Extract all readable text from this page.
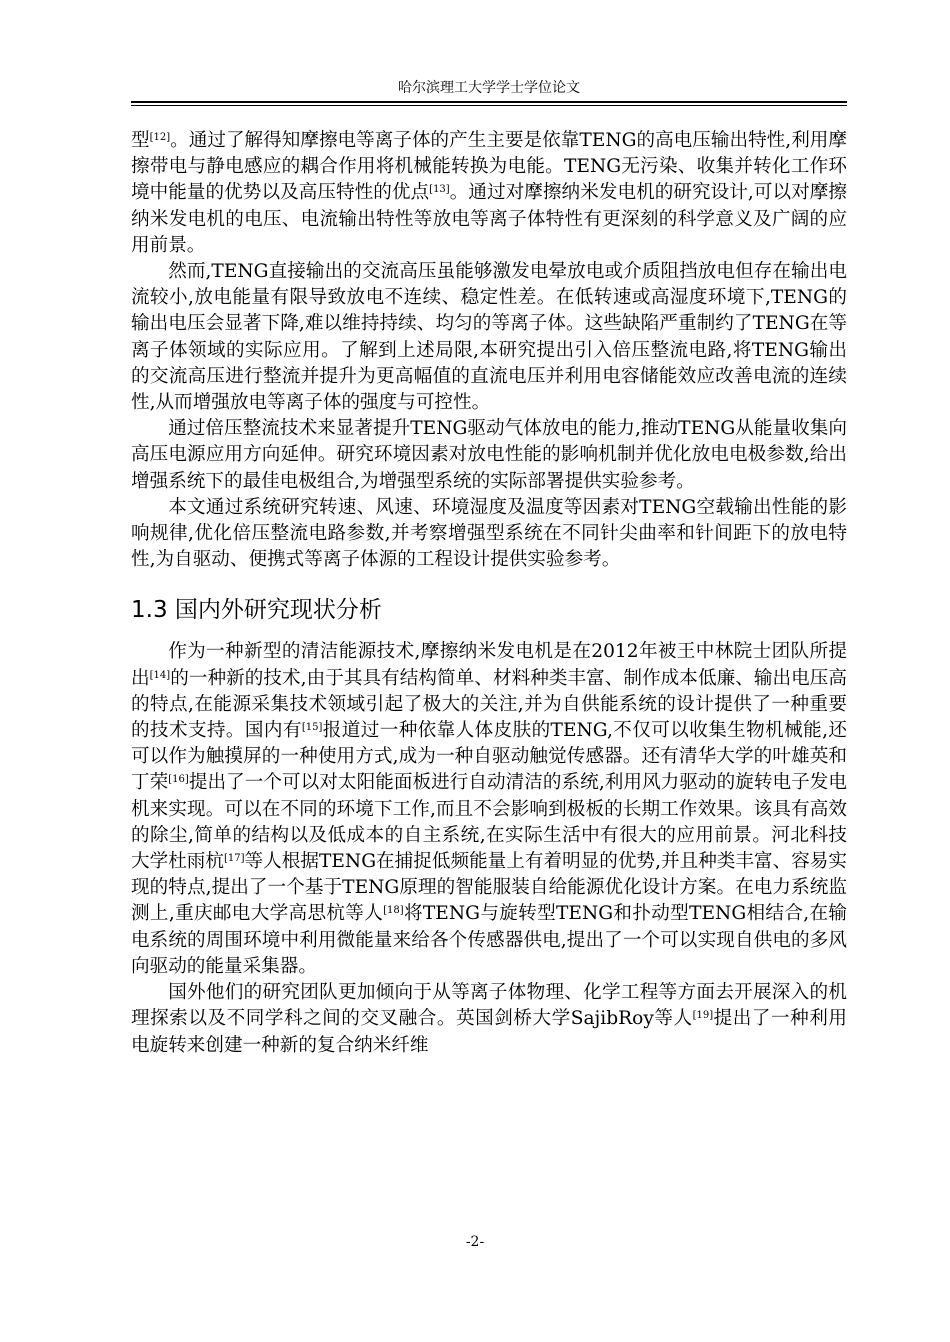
哈尔滨理工大学学士学位论文

型[12]。通过了解得知摩擦电等离子体的产生主要是依靠TENG的高电压输出特性,利用摩擦带电与静电感应的耦合作用将机械能转换为电能。TENG无污染、收集并转化工作环境中能量的优势以及高压特性的优点[13]。通过对摩擦纳米发电机的研究设计,可以对摩擦纳米发电机的电压、电流输出特性等放电等离子体特性有更深刻的科学意义及广阔的应用前景。

然而,TENG直接输出的交流高压虽能够激发电晕放电或介质阻挡放电但存在输出电流较小,放电能量有限导致放电不连续、稳定性差。在低转速或高湿度环境下,TENG的输出电压会显著下降,难以维持持续、均匀的等离子体。这些缺陷严重制约了TENG在等离子体领域的实际应用。了解到上述局限,本研究提出引入倍压整流电路,将TENG输出的交流高压进行整流并提升为更高幅值的直流电压并利用电容储能效应改善电流的连续性,从而增强放电等离子体的强度与可控性。

通过倍压整流技术来显著提升TENG驱动气体放电的能力,推动TENG从能量收集向高压电源应用方向延伸。研究环境因素对放电性能的影响机制并优化放电电极参数,给出增强系统下的最佳电极组合,为增强型系统的实际部署提供实验参考。

本文通过系统研究转速、风速、环境湿度及温度等因素对TENG空载输出性能的影响规律,优化倍压整流电路参数,并考察增强型系统在不同针尖曲率和针间距下的放电特性,为自驱动、便携式等离子体源的工程设计提供实验参考。

1.3 国内外研究现状分析

作为一种新型的清洁能源技术,摩擦纳米发电机是在2012年被王中林院士团队所提出[14]的一种新的技术,由于其具有结构简单、材料种类丰富、制作成本低廉、输出电压高的特点,在能源采集技术领域引起了极大的关注,并为自供能系统的设计提供了一种重要的技术支持。国内有[15]报道过一种依靠人体皮肤的TENG,不仅可以收集生物机械能,还可以作为触摸屏的一种使用方式,成为一种自驱动触觉传感器。还有清华大学的叶雄英和丁荣[16]提出了一个可以对太阳能面板进行自动清洁的系统,利用风力驱动的旋转电子发电机来实现。可以在不同的环境下工作,而且不会影响到极板的长期工作效果。该具有高效的除尘,简单的结构以及低成本的自主系统,在实际生活中有很大的应用前景。河北科技大学杜雨杭[17]等人根据TENG在捕捉低频能量上有着明显的优势,并且种类丰富、容易实现的特点,提出了一个基于TENG原理的智能服装自给能源优化设计方案。在电力系统监测上,重庆邮电大学高思杭等人[18]将TENG与旋转型TENG和扑动型TENG相结合,在输电系统的周围环境中利用微能量来给各个传感器供电,提出了一个可以实现自供电的多风向驱动的能量采集器。

国外他们的研究团队更加倾向于从等离子体物理、化学工程等方面去开展深入的机理探索以及不同学科之间的交叉融合。英国剑桥大学SajibRoy等人[19]提出了一种利用电旋转来创建一种新的复合纳米纤维

-2-
